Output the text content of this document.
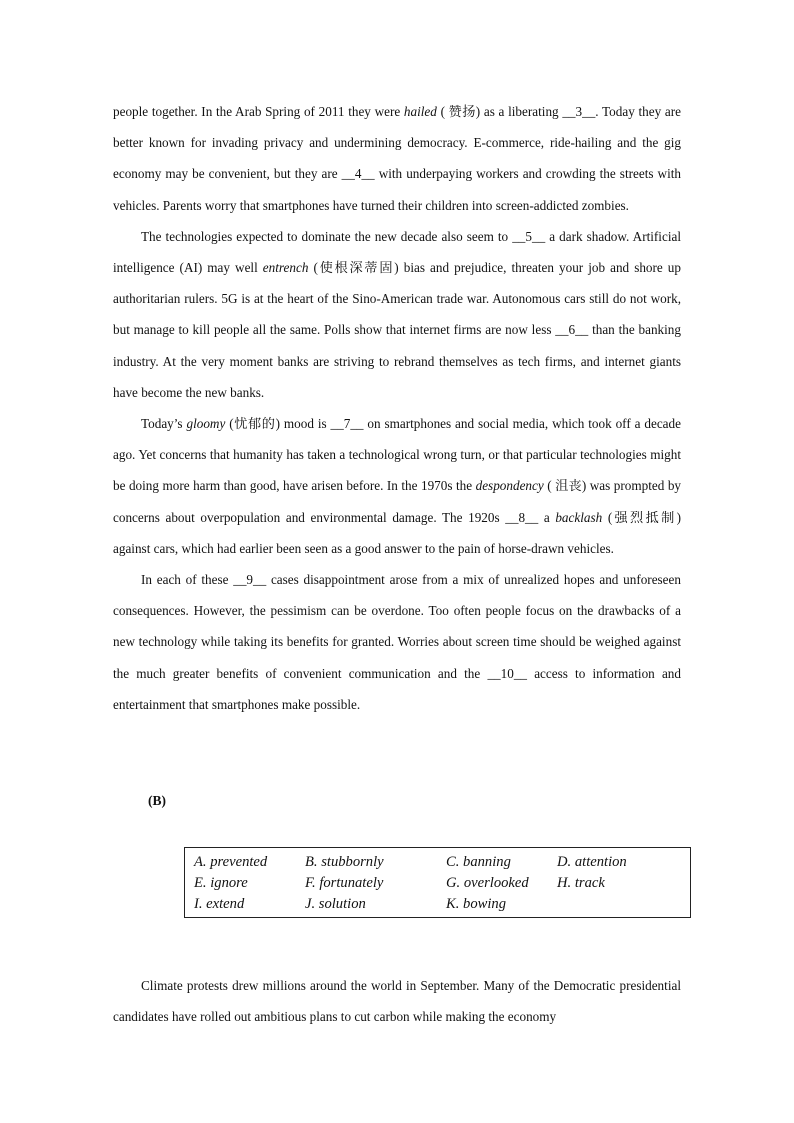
people together. In the Arab Spring of 2011 they were hailed ( 赞扬) as a liberating __3__. Today they are better known for invading privacy and undermining democracy. E-commerce, ride-hailing and the gig economy may be convenient, but they are __4__ with underpaying workers and crowding the streets with vehicles. Parents worry that smartphones have turned their children into screen-addicted zombies.

The technologies expected to dominate the new decade also seem to __5__ a dark shadow. Artificial intelligence (AI) may well entrench (使根深蒂固) bias and prejudice, threaten your job and shore up authoritarian rulers. 5G is at the heart of the Sino-American trade war. Autonomous cars still do not work, but manage to kill people all the same. Polls show that internet firms are now less __6__ than the banking industry. At the very moment banks are striving to rebrand themselves as tech firms, and internet giants have become the new banks.

Today’s gloomy (忧郁的) mood is __7__ on smartphones and social media, which took off a decade ago. Yet concerns that humanity has taken a technological wrong turn, or that particular technologies might be doing more harm than good, have arisen before. In the 1970s the despondency ( 沮丧) was prompted by concerns about overpopulation and environmental damage. The 1920s __8__ a backlash (强烈抵制) against cars, which had earlier been seen as a good answer to the pain of horse-drawn vehicles.

In each of these __9__ cases disappointment arose from a mix of unrealized hopes and unforeseen consequences. However, the pessimism can be overdone. Too often people focus on the drawbacks of a new technology while taking its benefits for granted. Worries about screen time should be weighed against the much greater benefits of convenient communication and the __10__ access to information and entertainment that smartphones make possible.

(B)
A. prevented	B. stubbornly	C. banning	D. attention
E. ignore	F. fortunately	G. overlooked H. track
I. extend	J. solution	K. bowing

Climate protests drew millions around the world in September. Many of the Democratic presidential candidates have rolled out ambitious plans to cut carbon while making the economy
